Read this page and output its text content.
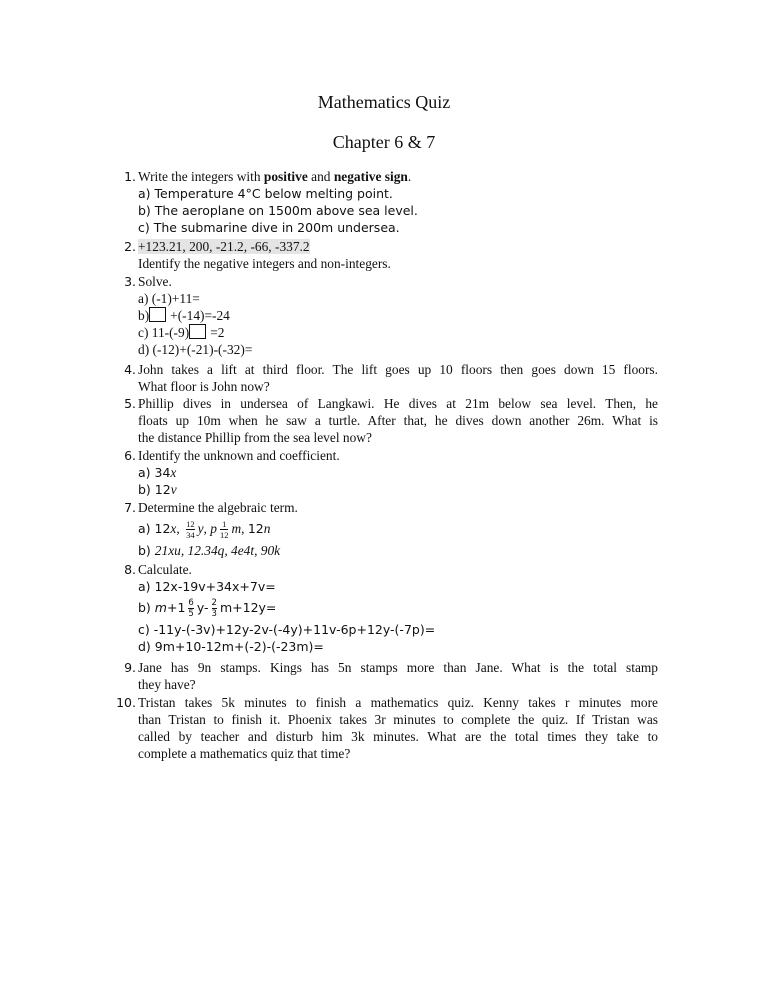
Mathematics Quiz
Chapter 6 & 7
1. Write the integers with positive and negative sign.
a) Temperature 4°C below melting point.
b) The aeroplane on 1500m above sea level.
c) The submarine dive in 200m undersea.
2. +123.21, 200, -21.2, -66, -337.2
Identify the negative integers and non-integers.
3. Solve.
a) (-1)+11=
b) +(-14)=-24
c) 11-(-9) =2
d) (-12)+(-21)-(-32)=
4. John takes a lift at third floor. The lift goes up 10 floors then goes down 15 floors.
What floor is John now?
5. Phillip dives in undersea of Langkawi. He dives at 21m below sea level. Then, he
floats up 10m when he saw a turtle. After that, he dives down another 26m. What is
the distance Phillip from the sea level now?
6. Identify the unknown and coefficient.
a) 34x
b) 12v
7. Determine the algebraic term.
a) 12x, $\frac{12}{34} y$, p $\frac{1}{12} m$, 12n
b) 21xu, 12.34q, 4e4t, 90k
8. Calculate.
a) 12x-19v+34x+7v=
b) $m+1 \frac{6}{5} y- \frac{2}{3} m+12y=$
c) -11y-(-3v)+12y-2v-(-4y)+11v-6p+12y-(-7p)=
d) 9m+10-12m+(-2)-(-23m)=
9. Jane has 9n stamps. Kings has 5n stamps more than Jane. What is the total stamp
they have?
10. Tristan takes 5k minutes to finish a mathematics quiz. Kenny takes r minutes more
than Tristan to finish it. Phoenix takes 3r minutes to complete the quiz. If Tristan was
called by teacher and disturb him 3k minutes. What are the total times they take to
complete a mathematics quiz that time?
